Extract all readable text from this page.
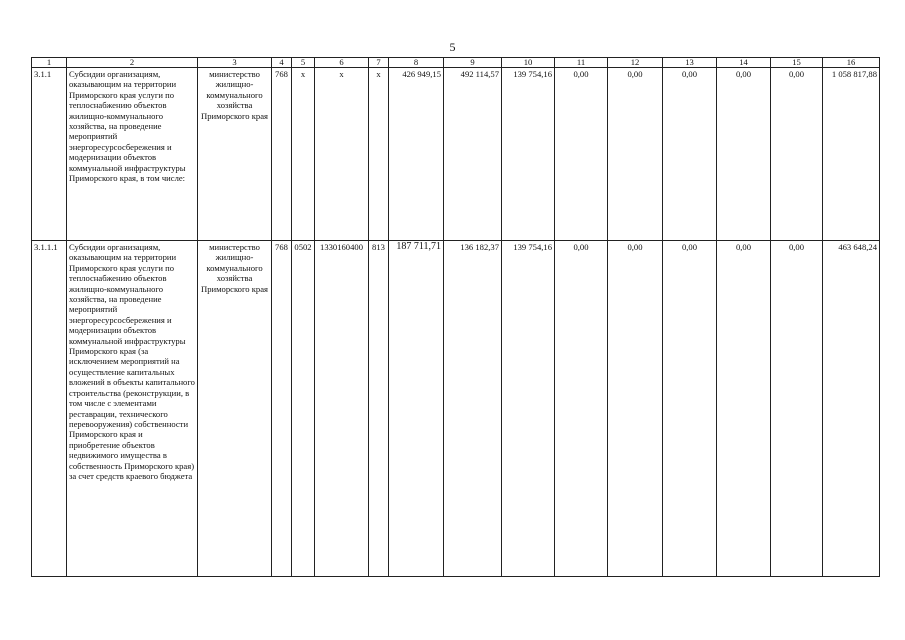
5
1	2	3	4	5	6	7	8	9	10	11	12	13	14	15	16
3.1.1	Субсидии организациям, оказывающим на территории Приморского края услуги по теплоснабжению объектов жилищно-коммунального хозяйства, на проведение мероприятий энергоресурсосбережения и модернизации объектов коммунальной инфраструктуры Приморского края, в том числе:	министерство жилищно-коммунального хозяйства Приморского края	768	x	x	x	426 949,15	492 114,57	139 754,16	0,00	0,00	0,00	0,00	0,00	1 058 817,88
3.1.1.1	Субсидии организациям, оказывающим на территории Приморского края услуги по теплоснабжению объектов жилищно-коммунального хозяйства, на проведение мероприятий энергоресурсосбережения и модернизации объектов коммунальной инфраструктуры Приморского края (за исключением мероприятий на осуществление капитальных вложений в объекты капитального строительства (реконструкции, в том числе с элементами реставрации, технического перевооружения) собственности Приморского края и приобретение объектов недвижимого имущества в собственность Приморского края) за счет средств краевого бюджета	министерство жилищно-коммунального хозяйства Приморского края	768	0502	1330160400	813	187 711,71	136 182,37	139 754,16	0,00	0,00	0,00	0,00	0,00	463 648,24
